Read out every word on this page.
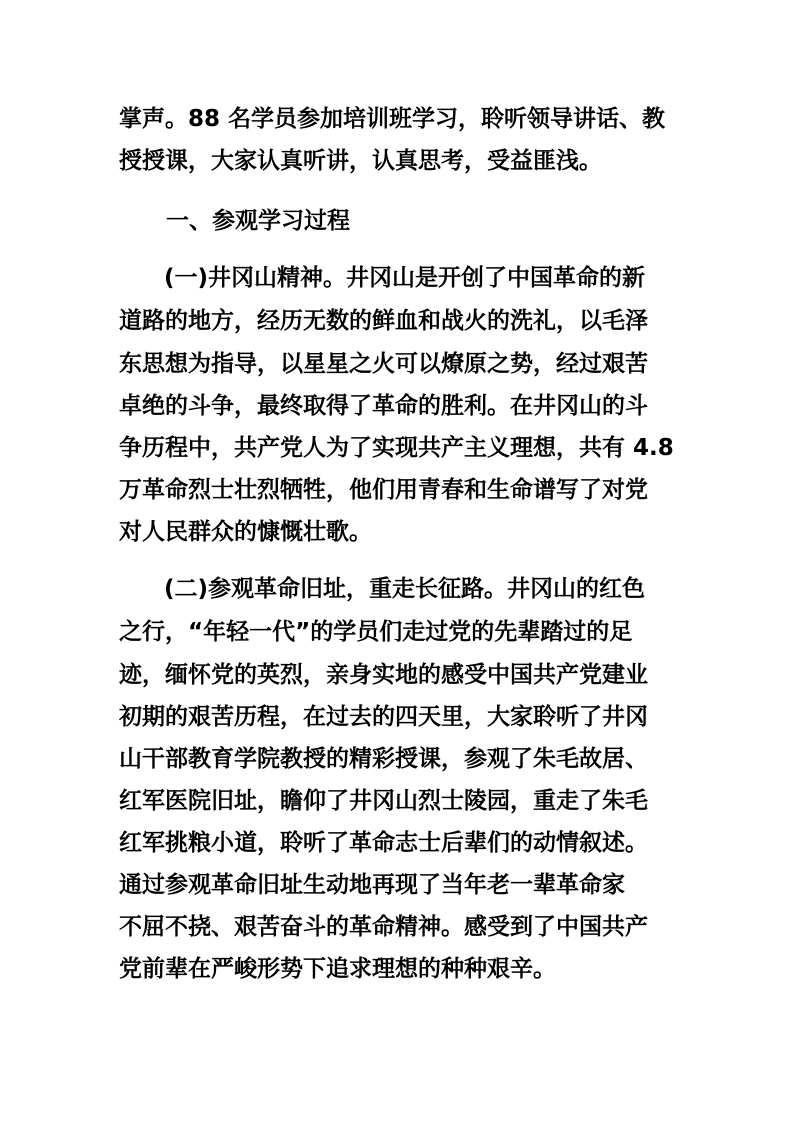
掌声。88 名学员参加培训班学习，聆听领导讲话、教
授授课，大家认真听讲，认真思考，受益匪浅。
一、参观学习过程
(一)井冈山精神。井冈山是开创了中国革命的新
道路的地方，经历无数的鲜血和战火的洗礼，以毛泽
东思想为指导，以星星之火可以燎原之势，经过艰苦
卓绝的斗争，最终取得了革命的胜利。在井冈山的斗
争历程中，共产党人为了实现共产主义理想，共有 4.8
万革命烈士壮烈牺牲，他们用青春和生命谱写了对党
对人民群众的慷慨壮歌。
(二)参观革命旧址，重走长征路。井冈山的红色
之行，“年轻一代”的学员们走过党的先辈踏过的足
迹，缅怀党的英烈，亲身实地的感受中国共产党建业
初期的艰苦历程，在过去的四天里，大家聆听了井冈
山干部教育学院教授的精彩授课，参观了朱毛故居、
红军医院旧址，瞻仰了井冈山烈士陵园，重走了朱毛
红军挑粮小道，聆听了革命志士后辈们的动情叙述。
通过参观革命旧址生动地再现了当年老一辈革命家
不屈不挠、艰苦奋斗的革命精神。感受到了中国共产
党前辈在严峻形势下追求理想的种种艰辛。
